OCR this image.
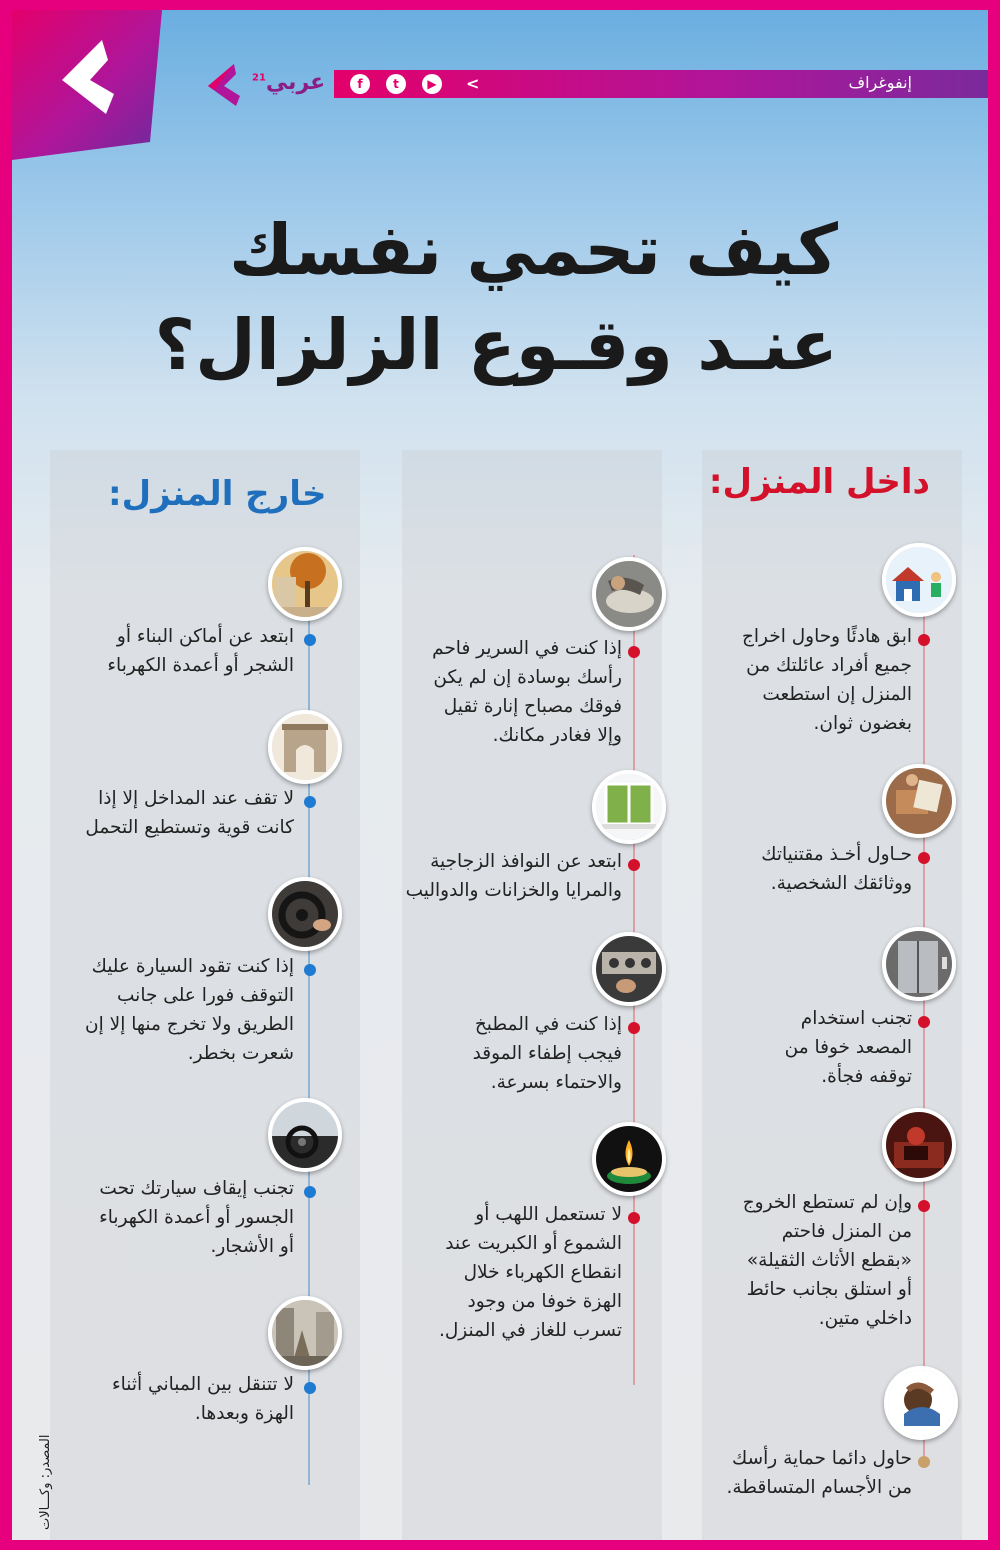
عربي$^{21}$	f	t	▶	<	إنفوغراف
كيف تحمي نفسك
عنـد وقـوع الزلزال؟
داخل المنزل:
خارج المنزل:
ابق هادئًا وحاول اخراج
جميع أفراد عائلتك من
المنزل إن استطعت
بغضون ثوان.
حـاول أخـذ مقتنياتك
ووثائقك الشخصية.
تجنب استخدام
المصعد خوفا من
توقفه فجأة.
وإن لم تستطع الخروج
من المنزل فاحتم
«بقطع الأثاث الثقيلة»
أو استلق بجانب حائط
داخلي متين.
حاول دائما حماية رأسك
من الأجسام المتساقطة.
إذا كنت في السرير فاحم
رأسك بوسادة إن لم يكن
فوقك مصباح إنارة ثقيل
وإلا فغادر مكانك.
ابتعد عن النوافذ الزجاجية
والمرايا والخزانات والدواليب
إذا كنت في المطبخ
فيجب إطفاء الموقد
والاحتماء بسرعة.
لا تستعمل اللهب أو
الشموع أو الكبريت عند
انقطاع الكهرباء خلال
الهزة خوفا من وجود
تسرب للغاز في المنزل.
ابتعد عن أماكن البناء أو
الشجر أو أعمدة الكهرباء
لا تقف عند المداخل إلا إذا
كانت قوية وتستطيع التحمل
إذا كنت تقود السيارة عليك
التوقف فورا على جانب
الطريق ولا تخرج منها إلا إن
شعرت بخطر.
تجنب إيقاف سيارتك تحت
الجسور أو أعمدة الكهرباء
أو الأشجار.
لا تتنقل بين المباني أثناء
الهزة وبعدها.
المصدر: وكـــالات
